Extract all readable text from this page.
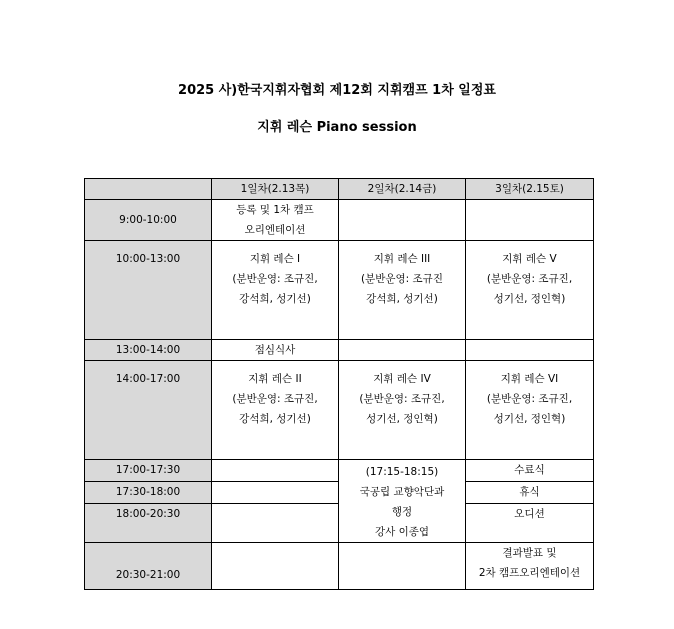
2025 사)한국지휘자협회 제12회 지휘캠프 1차 일정표
지휘 레슨 Piano session
	1일차(2.13목)	2일차(2.14금)	3일차(2.15토)
9:00-10:00	등록 및 1차 캠프
오리엔테이션		

10:00-13:00	지휘 레슨 I
(분반운영: 조규진,
강석희, 성기선)	지휘 레슨 III
(분반운영: 조규진
강석희, 성기선)	지휘 레슨 V
(분반운영: 조규진,
성기선, 정인혁)

13:00-14:00	점심식사		
14:00-17:00	지휘 레슨 II
(분반운영: 조규진,
강석희, 성기선)	지휘 레슨 IV
(분반운영: 조규진,
성기선, 정인혁)	지휘 레슨 VI
(분반운영: 조규진,
성기선, 정인혁)

17:00-17:30		(17:15-18:15)
국공립 교향악단과
행정
강사 이종엽	수료식
17:30-18:00			휴식
18:00-20:30			오디션
20:30-21:00			결과발표 및
2차 캠프오리엔테이션
